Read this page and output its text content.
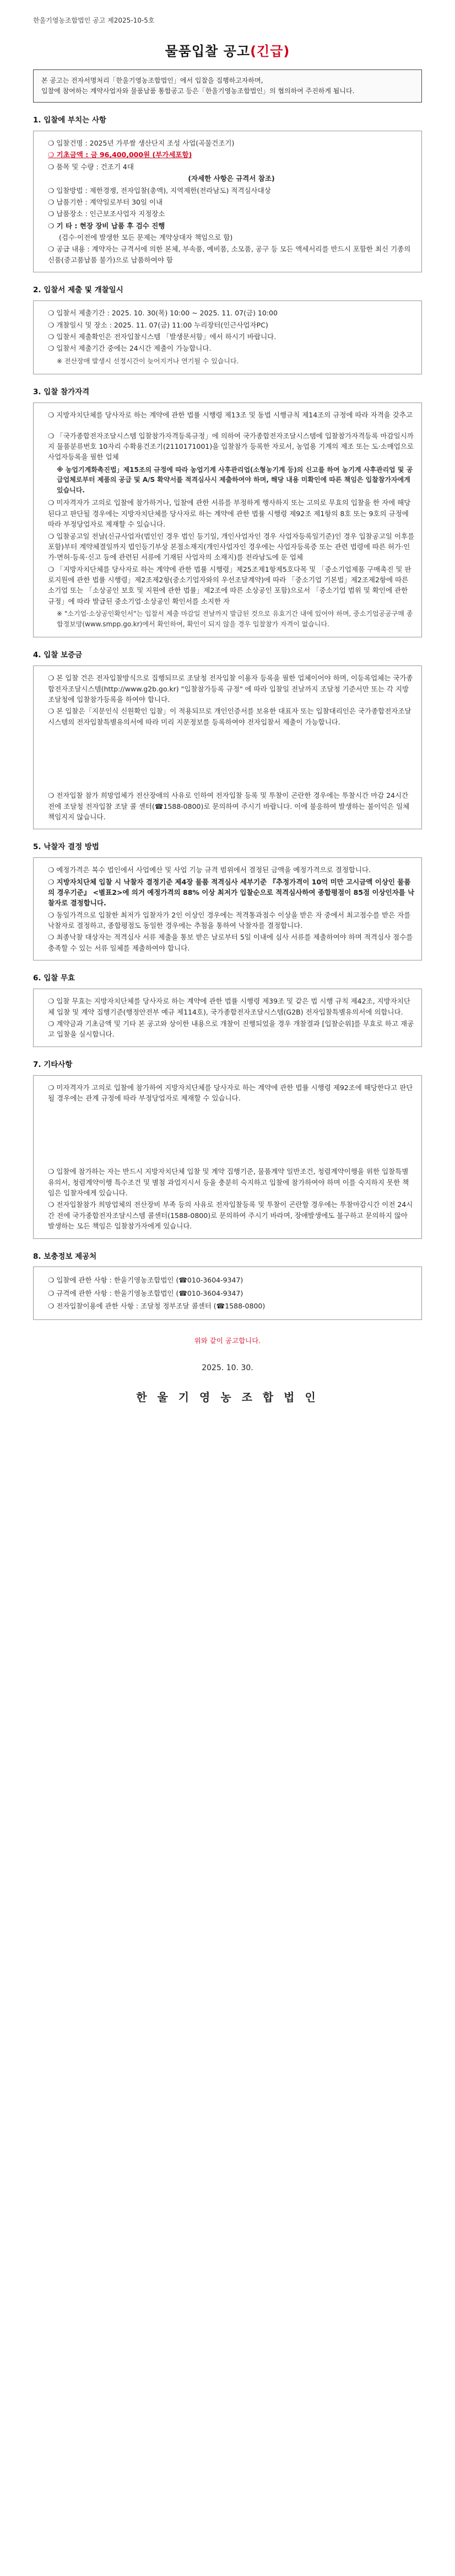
한울기영농조합법인 공고 제2025-10-5호
물품입찰 공고(긴급)
본 공고는 전자서명처리「한울기영농조합법인」에서 입찰을 집행하고자하며,
입찰에 참여하는 계약사업자와 물품납품 통합공고 등은「한울기영농조합법인」의 협의하여 주진하게 됩니다.
1. 입찰에 부치는 사항
❍ 입찰건명 : 2025년 가루쌀 생산단지 조성 사업(곡물건조기)
❍ 기초금액 : 금 96,400,000원 (부가세포함)
❍ 품목 및 수량 : 건조기 4대
(자세한 사항은 규격서 참조)
❍ 입찰방법 : 제한경쟁, 전자입찰(총액), 지역제한(전라남도) 적격심사대상
❍ 납품기한 : 계약일로부터 30일 이내
❍ 납품장소 : 인근보조사업자 지정장소
❍ 기 타 : 현장 장비 납품 후 검수 진행
(검수·이전에 발생한 모든 문제는 계약상대자 책임으로 함)
❍ 공급 내용 : 계약자는 규격서에 의한 본체, 부속품, 예비품, 소모품, 공구 등 모든 액세서리를 반드시 포함한 최신 기종의 신품(중고품납품 불가)으로 납품하여야 함
2. 입찰서 제출 및 개찰일시
❍ 입찰서 제출기간 : 2025. 10. 30(목) 10:00 ~ 2025. 11. 07(금) 10:00
❍ 개찰일시 및 장소 : 2025. 11. 07(금) 11:00 누리장터(인근사업자PC)
❍ 입찰서 제출확인은 전자입찰시스템 「발생문서함」에서 하시기 바랍니다.
❍ 입찰서 제출기간 중에는 24시간 제출이 가능합니다.
※ 전산장애 발생시 선정시간이 늦어지거나 연기될 수 있습니다.
3. 입찰 참가자격
❍ 지방자치단체를 당사자로 하는 계약에 관한 법률 시행령 제13조 및 동법 시행규칙 제14조의 규정에 따라 자격을 갖추고
❍ 「국가종합전자조달시스템 입찰참가자격등록규정」에 의하여 국가종합전자조달시스템에 입찰참가자격등록 마감일시까지 물품분류번호 10자리 수확용건조기(2110171001)을 입찰참가 등록한 자로서, 농업용 기계의 제조 또는 도·소매업으로 사업자등록을 필한 업체
※ 농업기계화촉진법」제15조의 규정에 따라 농업기계 사후관리업(소형농기계 등)의 신고를 하여 농기계 사후관리업 및 공급업체로부터 제품의 공급 및 A/S 확약서를 적격심사시 제출하여야 하며, 해당 내용 미확인에 따른 책임은 입찰참가자에게 있습니다.
❍ 미자격자가 고의로 입찰에 참가하거나, 입찰에 관한 서류를 부정하게 행사하지 또는 고의로 무효의 입찰을 한 자에 해당된다고 판단될 경우에는 지방자치단체를 당사자로 하는 계약에 관한 법률 시행령 제92조 제1항의 8호 또는 9호의 규정에 따라 부정당업자로 제재할 수 있습니다.
❍ 입찰공고일 전날(신규사업자(법인인 경우 법인 등기일, 개인사업자인 경우 사업자등록일기준)인 경우 입찰공고일 이후를 포함)부터 계약체결일까지 법인등기부상 본점소재지(개인사업자인 경우에는 사업자등록증 또는 관련 법령에 따른 허가·인가·면허·등록·신고 등에 관련된 서류에 기재된 사업자의 소재지)를 전라남도에 둔 업체
❍ 「지방자치단체를 당사자로 하는 계약에 관한 법률 시행령」제25조제1항제5호다목 및 「중소기업제품 구매촉진 및 판로지원에 관한 법률 시행령」제2조제2항(중소기업자와의 우선조달계약)에 따라 「중소기업 기본법」제2조제2항에 따른 소기업 또는 「소상공인 보호 및 지원에 관한 법률」제2조에 따른 소상공인 포함)으로서 「중소기업 범위 및 확인에 관한 규정」에 따라 발급된 중소기업·소상공인 확인서를 소지한 자
※ "소기업·소상공인확인서"는 입찰서 제출 마감일 전날까지 발급된 것으로 유효기간 내에 있어야 하며, 중소기업공공구매 종합정보망(www.smpp.go.kr)에서 확인하여, 확인이 되지 않을 경우 입찰참가 자격이 없습니다.
4. 입찰 보증금
❍ 본 입찰 건은 전자입찰방식으로 집행되므로 조달청 전자입찰 이용자 등록을 필한 업체이어야 하며, 이등록업체는 국가종합전자조달시스템(http://www.g2b.go.kr) "입찰참가등록 규정" 에 따라 입찰일 전날까지 조달청 기준서만 또는 각 지방조달청에 입찰참가등록을 하여야 합니다.
❍ 본 입찰은「지문인식 신원확인 입찰」이 적용되므로 개인인증서를 보유한 대표자 또는 입찰대리인은 국가종합전자조달시스템의 전자입찰특별유의서에 따라 미리 지문정보를 등록하여야 전자입찰서 제출이 가능합니다.
❍ 전자입찰 참가 희망업체가 전산장애의 사유로 인하여 전자입찰 등록 및 투찰이 곤란한 경우에는 투찰시간 마감 24시간 전에 조달청 전자입찰 조달 콜 센터(☎1588-0800)로 문의하여 주시기 바랍니다. 이에 불응하여 발생하는 불이익은 일체 책임지지 않습니다.
5. 낙찰자 결정 방법
❍ 예정가격은 복수 법인에서 사업예산 및 사업 기능 규격 범위에서 결정된 금액을 예정가격으로 결정합니다.
❍ 지방자치단체 입찰 시 낙찰자 결정기준 제4장 물품 적격심사 세부기준 『추정가격이 10억 미만 고시금액 이상인 물품의 경우기준』 <별표2>에 의거 예정가격의 88% 이상 최저가 입찰순으로 적격심사하여 종합평점이 85점 이상인자를 낙찰자로 결정합니다.
❍ 동일가격으로 입찰한 최저가 입찰자가 2인 이상인 경우에는 적격통과점수 이상을 받은 자 중에서 최고점수를 받은 자를 낙찰자로 결정하고, 종합평점도 동일한 경우에는 추첨을 통하여 낙찰자를 결정합니다.
❍ 최종낙찰 대상자는 적격심사 서류 제출을 통보 받은 날로부터 5일 이내에 심사 서류를 제출하여야 하며 적격심사 점수를 충족할 수 있는 서류 일체를 제출하여야 합니다.
6. 입찰 무효
❍ 입찰 무효는 지방자치단체를 당사자로 하는 계약에 관한 법률 시행령 제39조 및 같은 법 시행 규칙 제42조, 지방자치단체 입찰 및 계약 집행기준(행정안전부 예규 제114호), 국가종합전자조달시스템(G2B) 전자입찰특별유의서에 의합니다.
❍ 계약금과 기초금액 및 기타 본 공고와 상이한 내용으로 개찰이 진행되었을 경우 개찰결과 [입찰순위]를 무효로 하고 재공고 입찰을 실시합니다.
7. 기타사항
❍ 미자격자가 고의로 입찰에 참가하여 지방자치단체를 당사자로 하는 계약에 관한 법률 시행령 제92조에 해당한다고 판단될 경우에는 관계 규정에 따라 부정당업자로 제재할 수 있습니다.
❍ 입찰에 참가하는 자는 반드시 지방자치단체 입찰 및 계약 집행기준, 물품계약 일반조건, 청렴계약이행을 위한 입찰특별유의서, 청렴계약이행 특수조건 및 별첨 과업지시서 등을 충분히 숙지하고 입찰에 참가하여야 하며 이를 숙지하지 못한 책임은 입찰자에게 있습니다.
❍ 전자입찰참가 희망업체의 전산장비 부족 등의 사유로 전자입찰등록 및 투찰이 곤란할 경우에는 투찰마감시간 이전 24시간 전에 국가종합전자조달시스템 콜센터(1588-0800)로 문의하여 주시기 바라며, 장애발생에도 불구하고 문의하지 않아 발생하는 모든 책임은 입찰참가자에게 있습니다.
8. 보충정보 제공처
❍ 입찰에 관한 사항 : 한울기영농조합법인 (☎010-3604-9347)
❍ 규격에 관한 사항 : 한울기영농조합법인 (☎010-3604-9347)
❍ 전자입찰이용에 관한 사항 : 조달청 정부조달 콜센터 (☎1588-0800)
위와 같이 공고합니다.
2025. 10. 30.
한 울 기 영 농 조 합 법 인
